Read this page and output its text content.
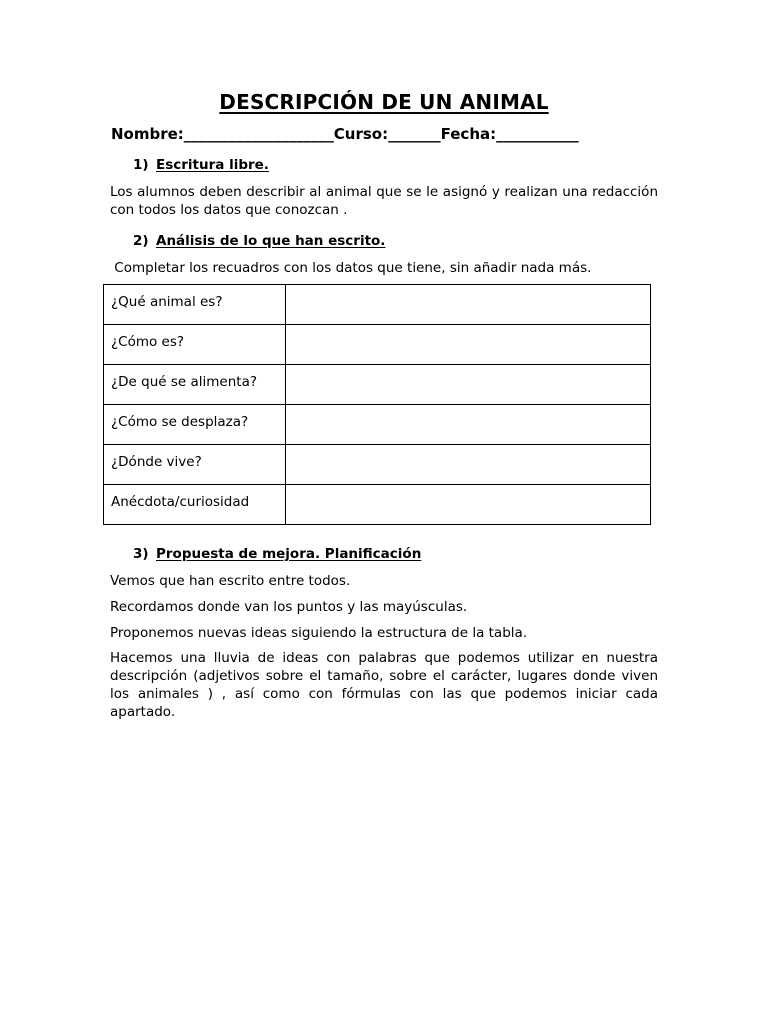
DESCRIPCIÓN DE UN ANIMAL
Nombre:____________________Curso:_______Fecha:___________
1) Escritura libre.
Los alumnos deben describir al animal que se le asignó y realizan una redacción con todos los datos que conozcan .
2) Análisis de lo que han escrito.
Completar los recuadros con los datos que tiene, sin añadir nada más.
¿Qué animal es?	
¿Cómo es?	
¿De qué se alimenta?	
¿Cómo se desplaza?	
¿Dónde vive?	
Anécdota/curiosidad	
3) Propuesta de mejora. Planificación
Vemos que han escrito entre todos.
Recordamos donde van los puntos y las mayúsculas.
Proponemos nuevas ideas siguiendo la estructura de la tabla.
Hacemos una lluvia de ideas con palabras que podemos utilizar en nuestra descripción (adjetivos sobre el tamaño, sobre el carácter, lugares donde viven los animales ) , así como con fórmulas con las que podemos iniciar cada apartado.
